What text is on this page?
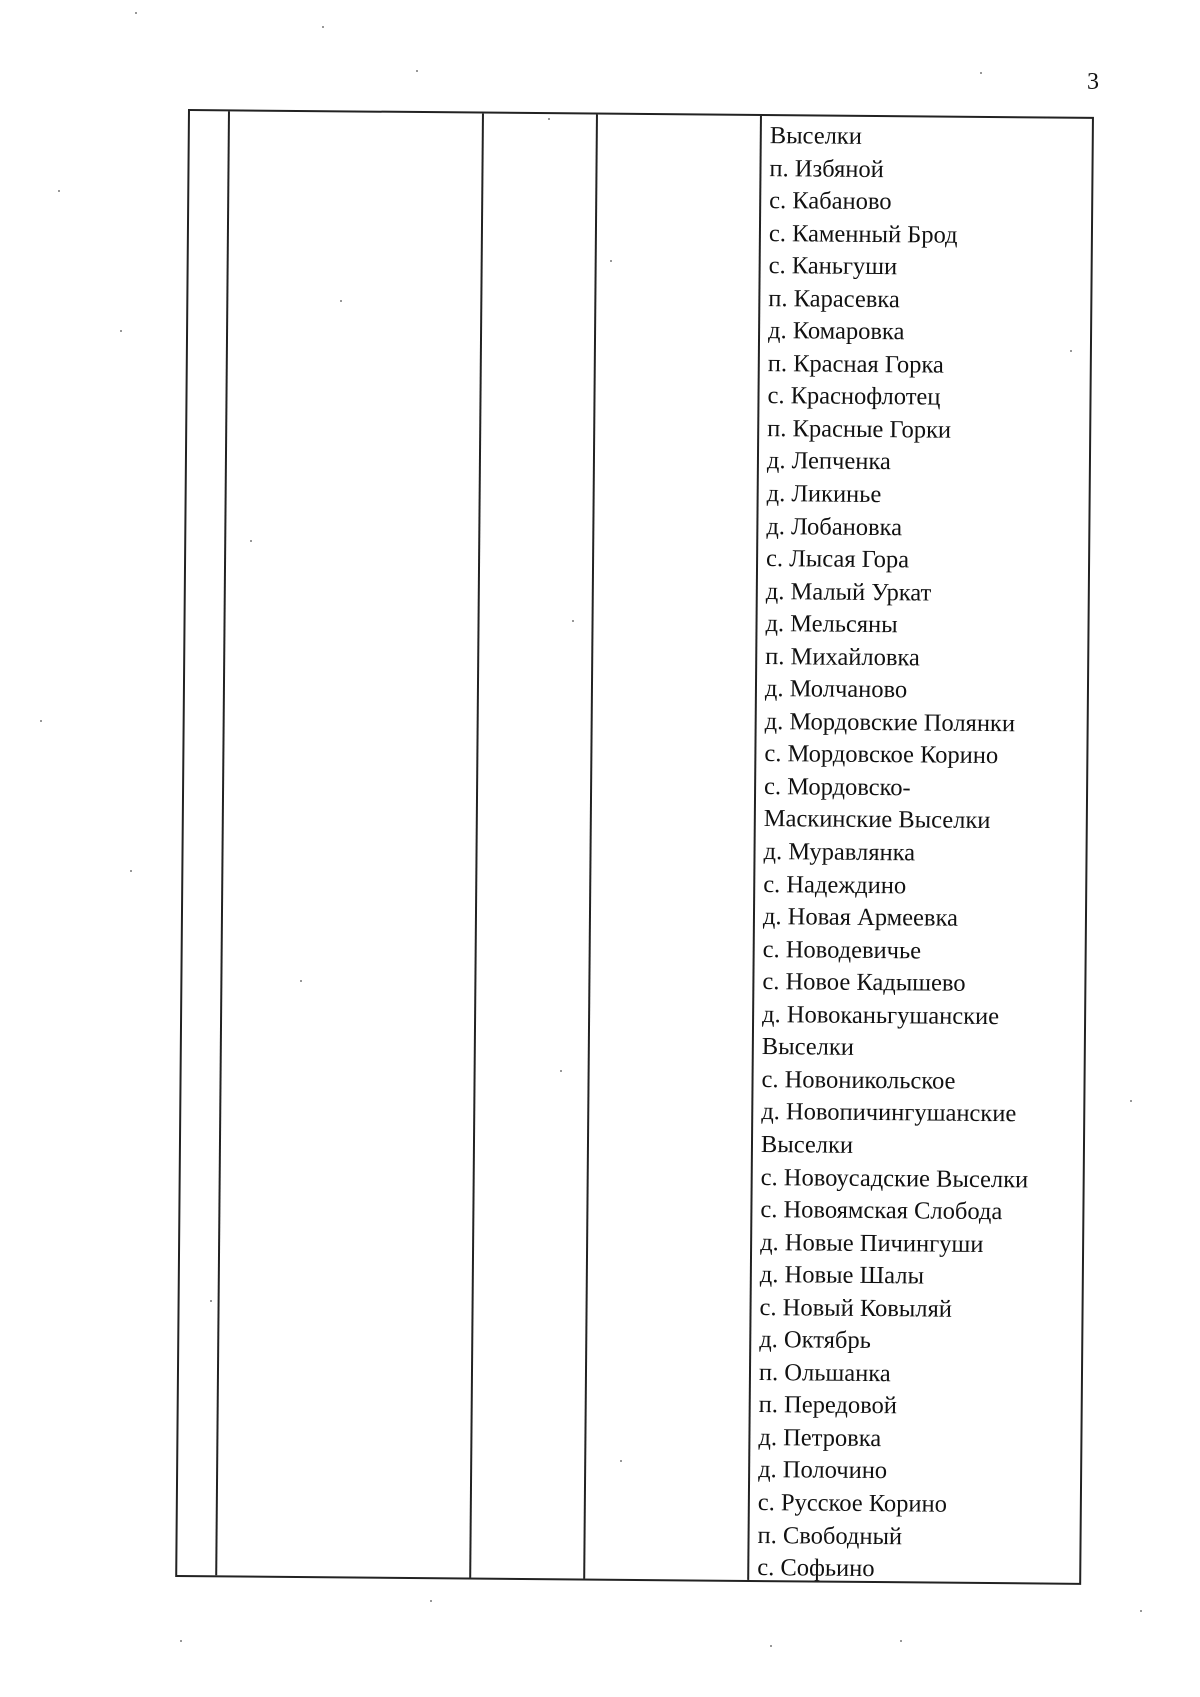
3
Выселки
п. Избяной
с. Кабаново
с. Каменный Брод
с. Каньгуши
п. Карасевка
д. Комаровка
п. Красная Горка
с. Краснофлотец
п. Красные Горки
д. Лепченка
д. Ликинье
д. Лобановка
с. Лысая Гора
д. Малый Уркат
д. Мельсяны
п. Михайловка
д. Молчаново
д. Мордовские Полянки
с. Мордовское Корино
с. Мордовско-
Маскинские Выселки
д. Муравлянка
с. Надеждино
д. Новая Армеевка
с. Новодевичье
с. Новое Кадышево
д. Новоканьгушанские
Выселки
с. Новоникольское
д. Новопичингушанские
Выселки
с. Новоусадские Выселки
с. Новоямская Слобода
д. Новые Пичингуши
д. Новые Шалы
с. Новый Ковыляй
д. Октябрь
п. Ольшанка
п. Передовой
д. Петровка
д. Полочино
с. Русское Корино
п. Свободный
с. Софьино
